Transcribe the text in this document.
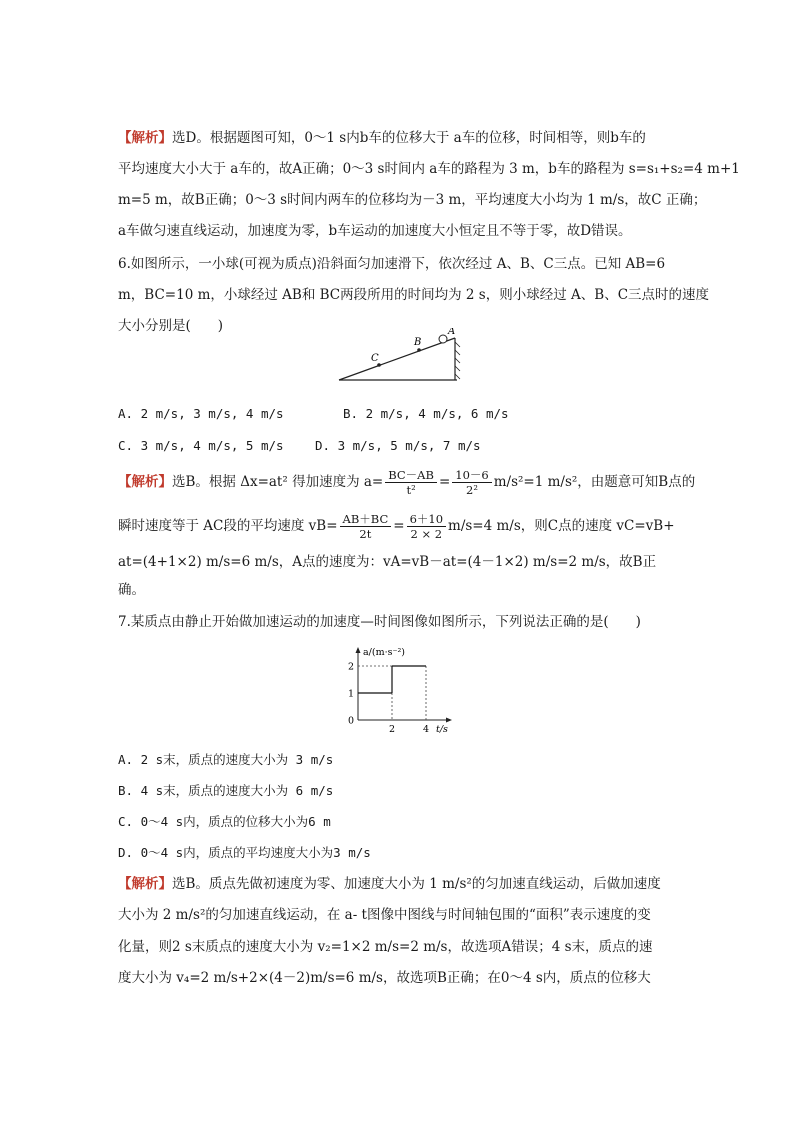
【解析】选D。根据题图可知，0～1 s内b车的位移大于 a车的位移，时间相等，则b车的
平均速度大小大于 a车的，故A正确；0～3 s时间内 a车的路程为 3 m，b车的路程为 s=s₁+s₂=4 m+1
m=5 m，故B正确；0～3 s时间内两车的位移均为－3 m，平均速度大小均为 1 m/s，故C 正确；
a车做匀速直线运动，加速度为零，b车运动的加速度大小恒定且不等于零，故D错误。
6.如图所示，一小球(可视为质点)沿斜面匀加速滑下，依次经过 A、B、C三点。已知 AB=6
m，BC=10 m，小球经过 AB和 BC两段所用的时间均为 2 s，则小球经过 A、B、C三点时的速度
大小分别是(　　)	A
B
C
A. 2 m/s, 3 m/s, 4 m/s	B. 2 m/s, 4 m/s, 6 m/s
C. 3 m/s, 4 m/s, 5 m/s	D. 3 m/s, 5 m/s, 7 m/s
【解析】选B。根据 Δx=at² 得加速度为 $a= \frac{BC-AB}{\text{t²}} = \frac{10-6}{\text{2²}} m/s^2=1$ m/s²，由题意可知B点的
瞬时速度等于 AC段的平均速度 $vB= \frac{AB+BC}{2t} = \frac{6+10}{2 \times 2} m/s=4$ m/s，则C点的速度 vC=vB+
at=(4+1×2) m/s=6 m/s，A点的速度为：vA=vB－at=(4－1×2) m/s=2 m/s，故B正
确。
7.某质点由静止开始做加速运动的加速度—时间图像如图所示，下列说法正确的是(　　)
a/(m·s⁻²)
t/s
0
1
2
2	4
A. 2 s末，质点的速度大小为 3 m/s
B. 4 s末，质点的速度大小为 6 m/s
C. 0～4 s内，质点的位移大小为6 m
D. 0～4 s内，质点的平均速度大小为3 m/s
【解析】选B。质点先做初速度为零、加速度大小为 1 m/s²的匀加速直线运动，后做加速度
大小为 2 m/s²的匀加速直线运动，在 a- t图像中图线与时间轴包围的“面积”表示速度的变
化量，则2 s末质点的速度大小为 v₂=1×2 m/s=2 m/s，故选项A错误；4 s末，质点的速
度大小为 v₄=2 m/s+2×(4－2)m/s=6 m/s，故选项B正确；在0～4 s内，质点的位移大
